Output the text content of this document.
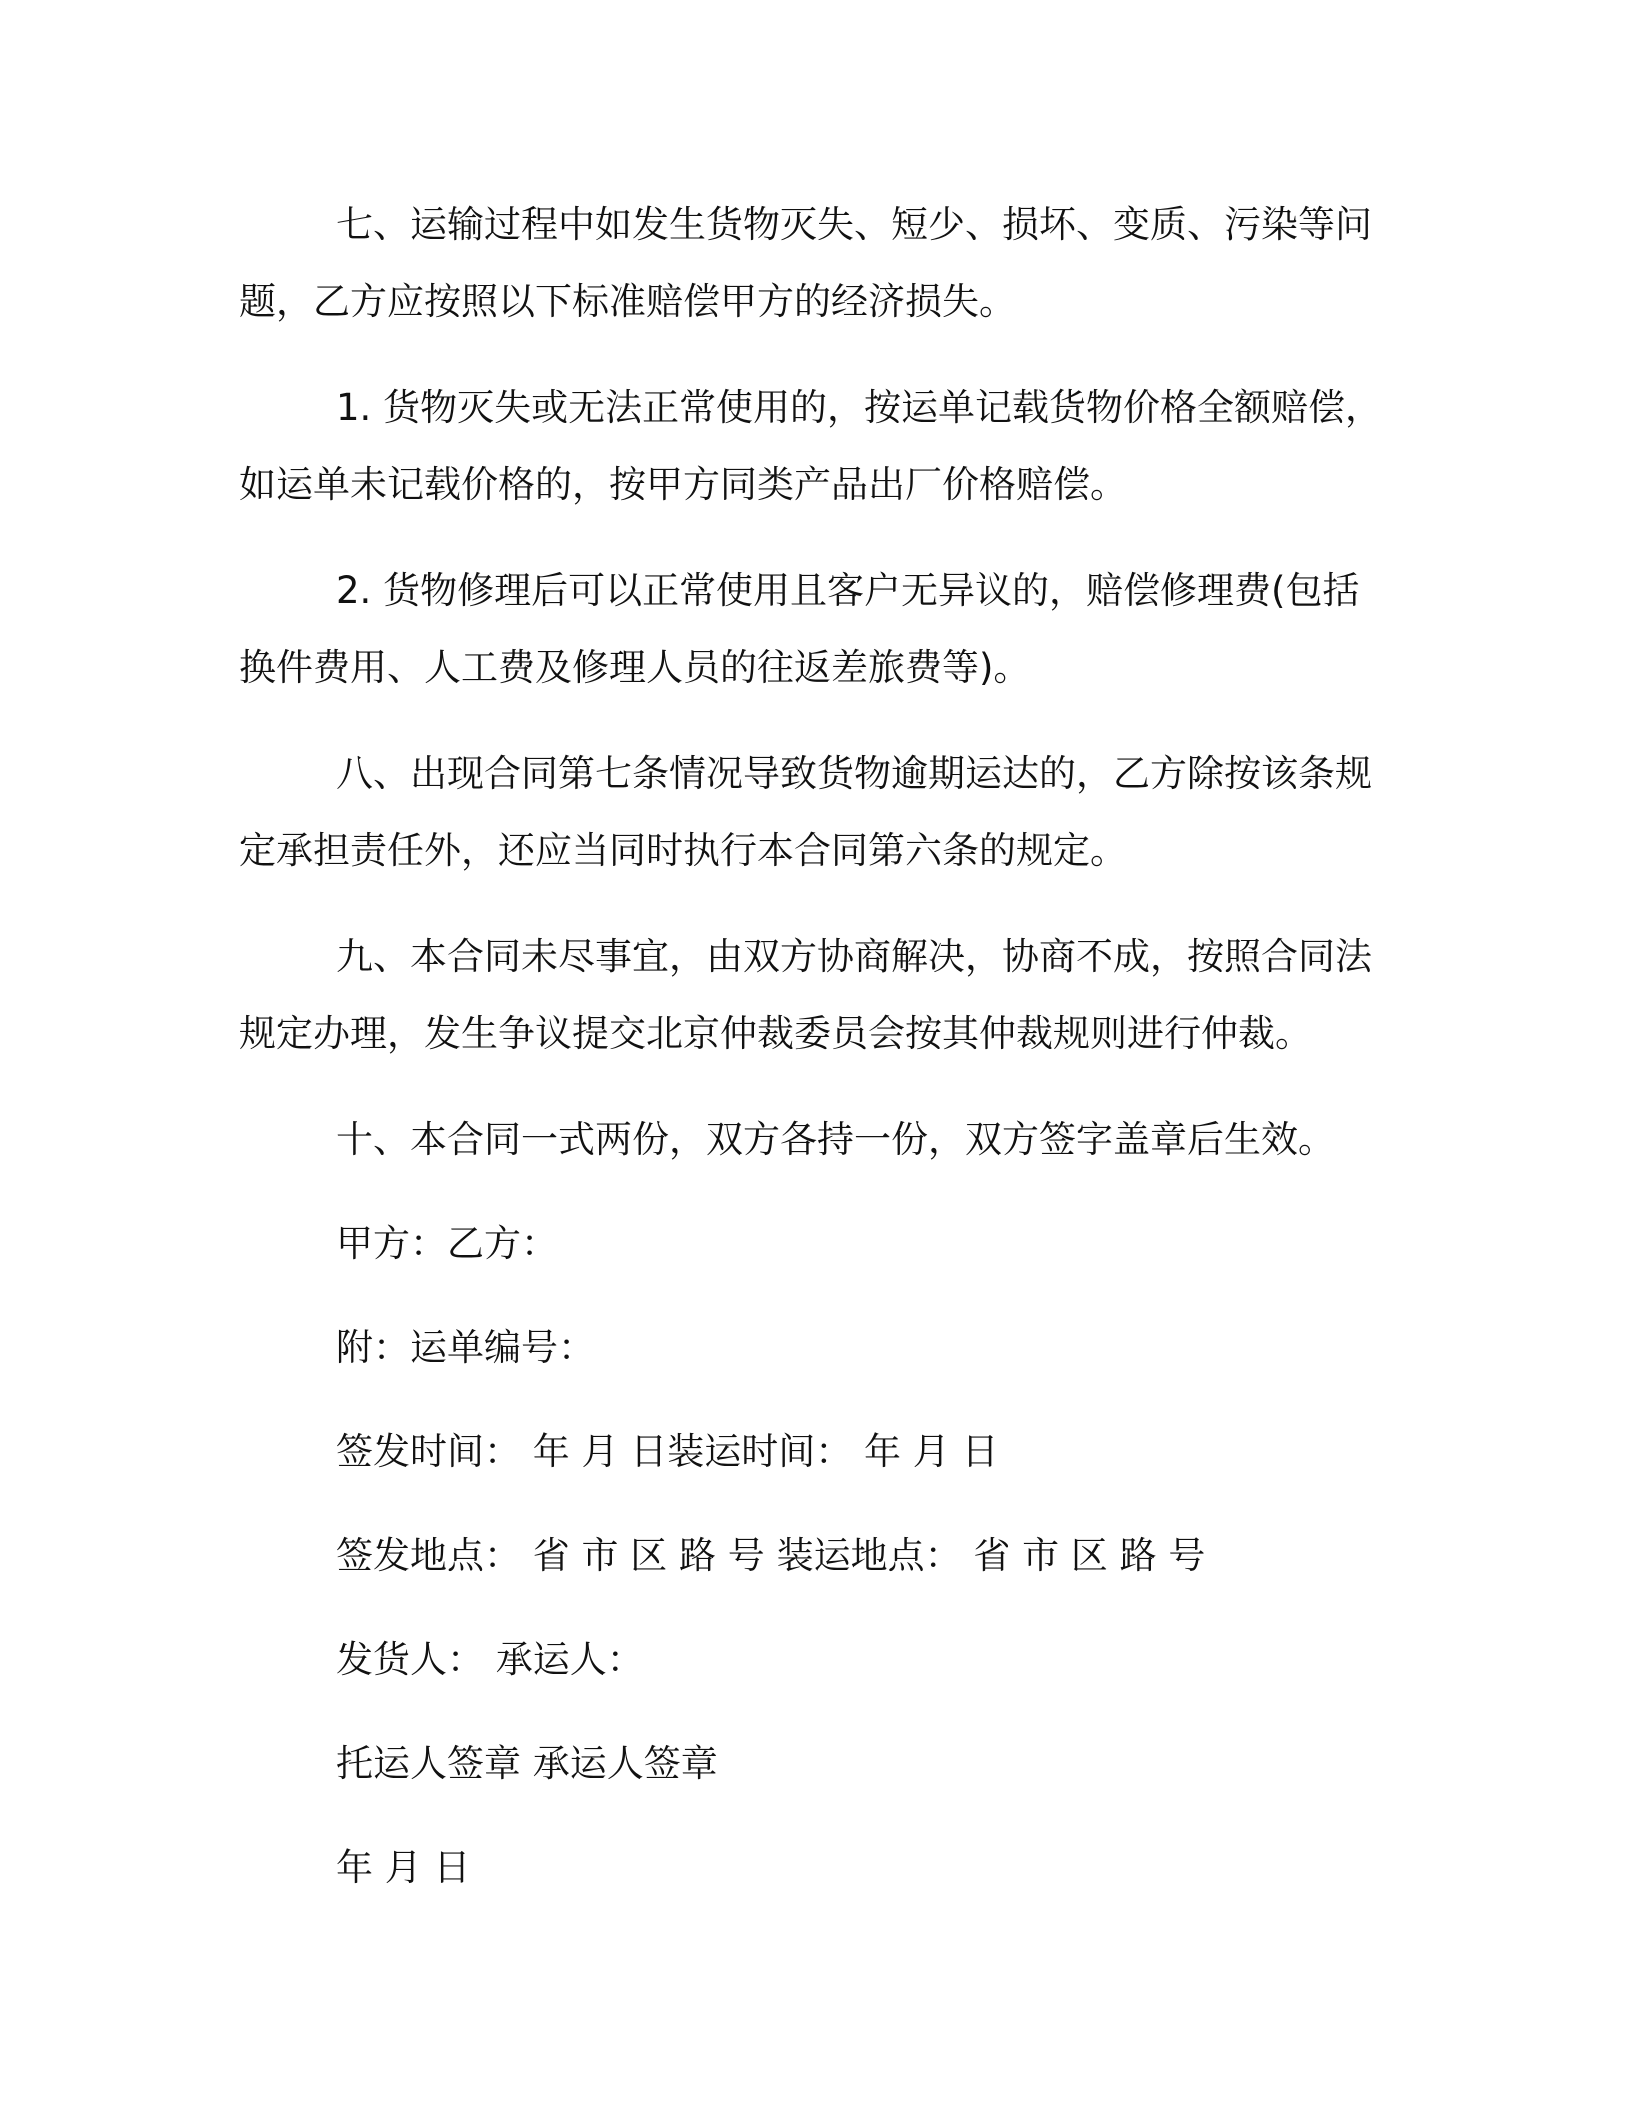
七、运输过程中如发生货物灭失、短少、损坏、变质、污染等问题，乙方应按照以下标准赔偿甲方的经济损失。

1. 货物灭失或无法正常使用的，按运单记载货物价格全额赔偿，如运单未记载价格的，按甲方同类产品出厂价格赔偿。

2. 货物修理后可以正常使用且客户无异议的，赔偿修理费(包括换件费用、人工费及修理人员的往返差旅费等)。

八、出现合同第七条情况导致货物逾期运达的，乙方除按该条规定承担责任外，还应当同时执行本合同第六条的规定。

九、本合同未尽事宜，由双方协商解决，协商不成，按照合同法规定办理，发生争议提交北京仲裁委员会按其仲裁规则进行仲裁。

十、本合同一式两份，双方各持一份，双方签字盖章后生效。

甲方：乙方：

附：运单编号：

签发时间： 年 月 日装运时间： 年 月 日

签发地点： 省 市 区 路 号 装运地点： 省 市 区 路 号

发货人： 承运人：

托运人签章 承运人签章

年 月 日
